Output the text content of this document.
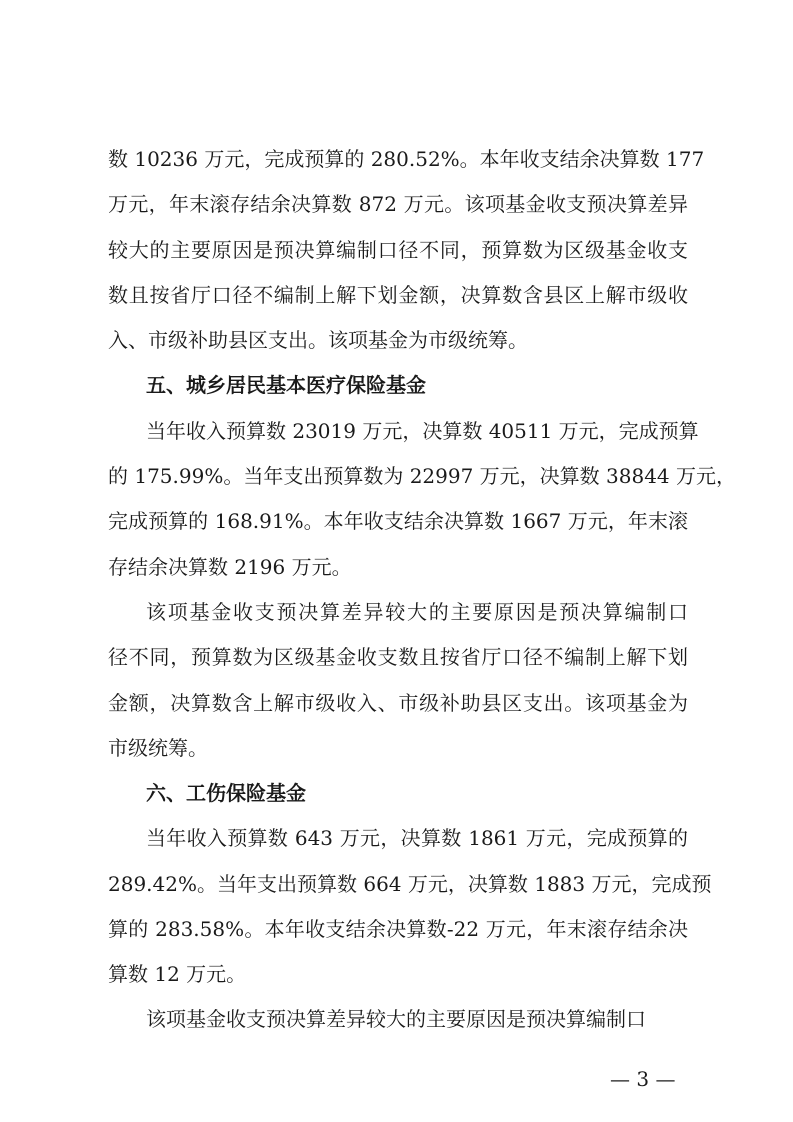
数 10236 万元，完成预算的 280.52%。本年收支结余决算数 177
万元，年末滚存结余决算数 872 万元。该项基金收支预决算差异
较大的主要原因是预决算编制口径不同，预算数为区级基金收支
数且按省厅口径不编制上解下划金额，决算数含县区上解市级收
入、市级补助县区支出。该项基金为市级统筹。
五、城乡居民基本医疗保险基金
当年收入预算数 23019 万元，决算数 40511 万元，完成预算
的 175.99%。当年支出预算数为 22997 万元，决算数 38844 万元，
完成预算的 168.91%。本年收支结余决算数 1667 万元，年末滚
存结余决算数 2196 万元。
该项基金收支预决算差异较大的主要原因是预决算编制口
径不同，预算数为区级基金收支数且按省厅口径不编制上解下划
金额，决算数含上解市级收入、市级补助县区支出。该项基金为
市级统筹。
六、工伤保险基金
当年收入预算数 643 万元，决算数 1861 万元，完成预算的
289.42%。当年支出预算数 664 万元，决算数 1883 万元，完成预
算的 283.58%。本年收支结余决算数-22 万元，年末滚存结余决
算数 12 万元。
该项基金收支预决算差异较大的主要原因是预决算编制口
— 3 —
